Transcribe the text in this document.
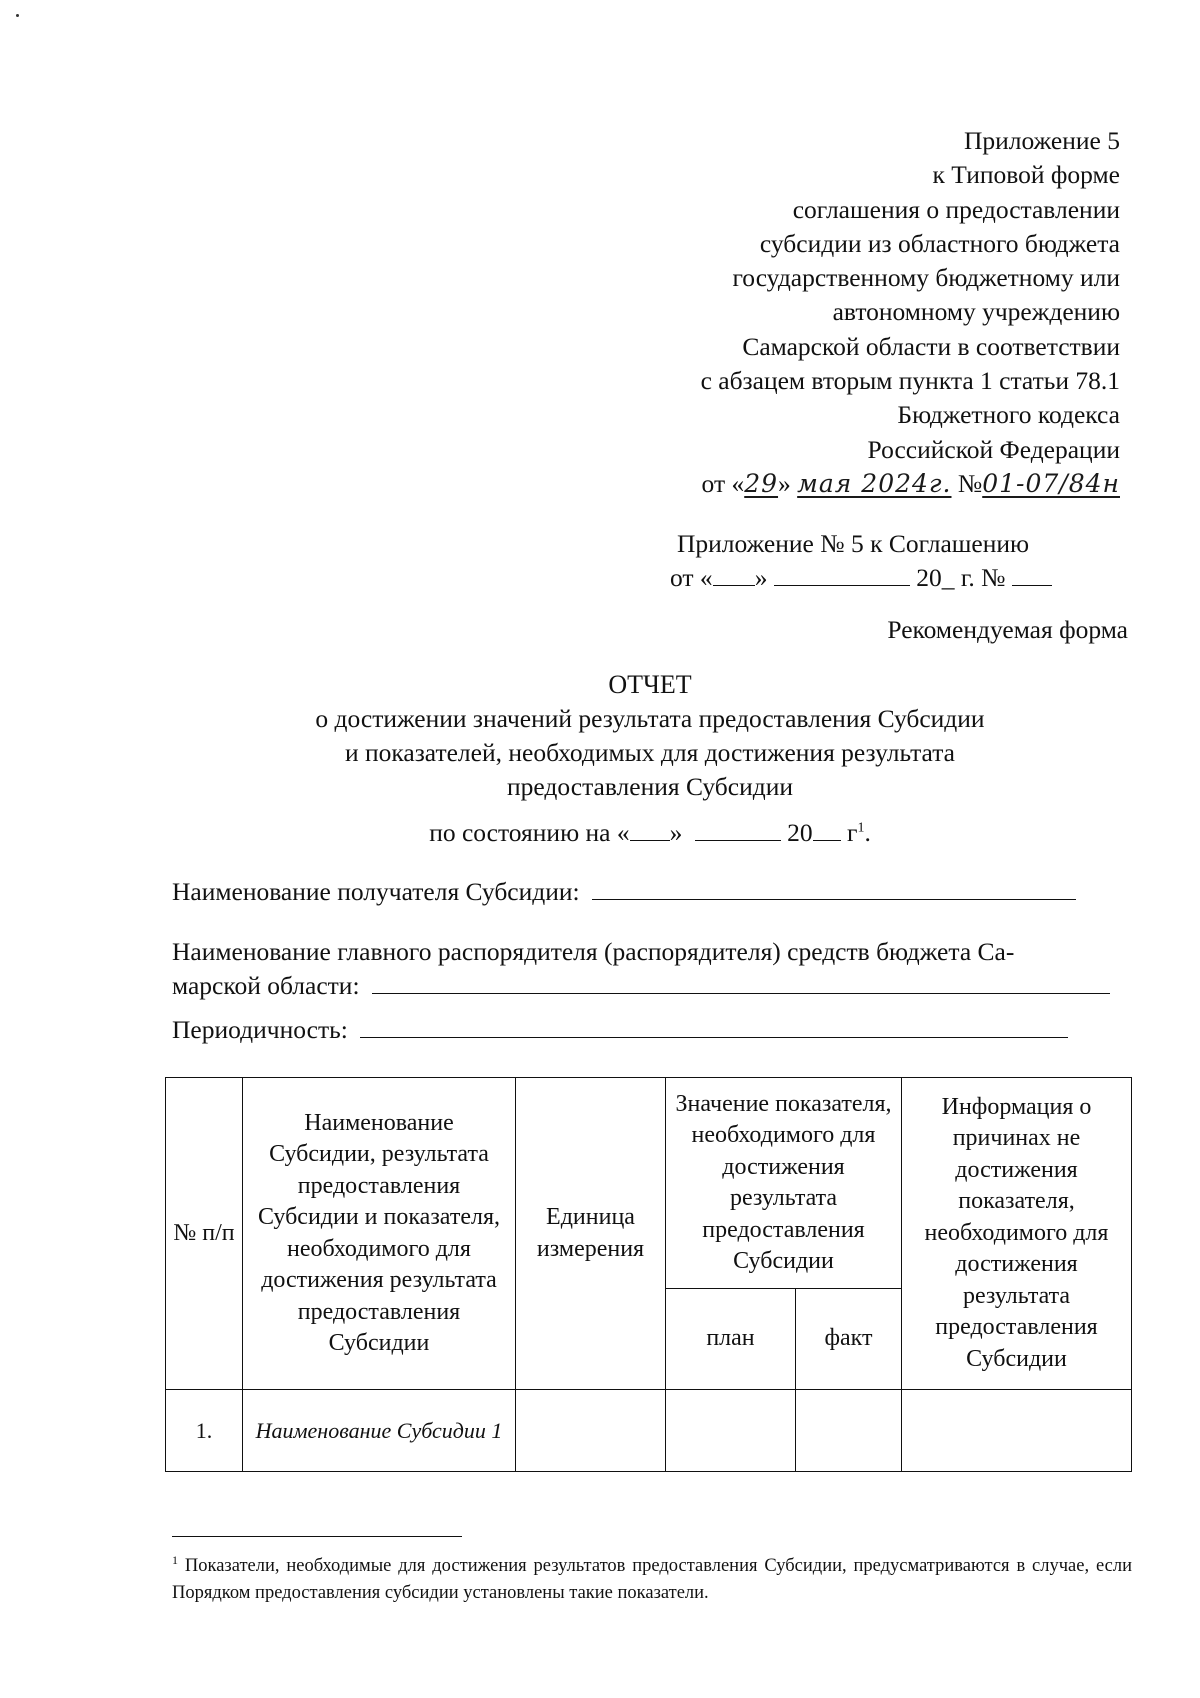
Приложение 5
к Типовой форме
соглашения о предоставлении
субсидии из областного бюджета
государственному бюджетному или
автономному учреждению
Самарской области в соответствии
с абзацем вторым пункта 1 статьи 78.1
Бюджетного кодекса
Российской Федерации
от «29» мая 2024г. №01-07/84н
Приложение № 5 к Соглашению
от « »	20_ г. №
Рекомендуемая форма
ОТЧЕТ
о достижении значений результата предоставления Субсидии
и показателей, необходимых для достижения результата
предоставления Субсидии
по состоянию на « »	20 $г^1$.
Наименование получателя Субсидии:
Наименование главного распорядителя (распорядителя) средств бюджета Са-
марской области:
Периодичность:
№ п/п	Наименование Субсидии, результата предоставления Субсидии и показателя, необходимого для достижения результата предоставления Субсидии	Единица измерения	Значение показателя, необходимого для достижения результата предоставления Субсидии		Информация о причинах не достижения показателя, необходимого для достижения результата предоставления Субсидии
			план	факт	
1.	Наименование Субсидии 1				
$^1$ Показатели, необходимые для достижения результатов предоставления Субсидии, предусматриваются в случае, если Порядком предоставления субсидии установлены такие показатели.
